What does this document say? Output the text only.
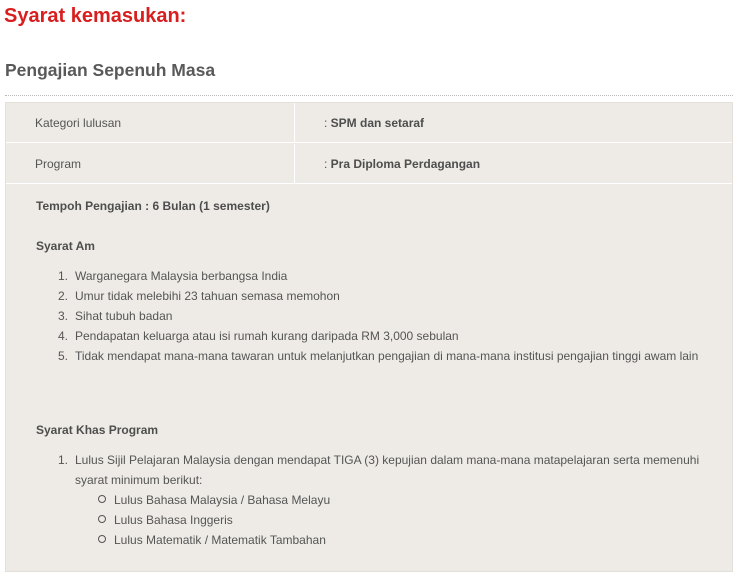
Syarat kemasukan:
Pengajian Sepenuh Masa
Kategori lulusan	: SPM dan setaraf
Program	: Pra Diploma Perdagangan
Tempoh Pengajian : 6 Bulan (1 semester)
Syarat Am
1. Warganegara Malaysia berbangsa India
2. Umur tidak melebihi 23 tahuan semasa memohon
3. Sihat tubuh badan
4. Pendapatan keluarga atau isi rumah kurang daripada RM 3,000 sebulan
5. Tidak mendapat mana-mana tawaran untuk melanjutkan pengajian di mana-mana institusi pengajian tinggi awam lain
Syarat Khas Program
1. Lulus Sijil Pelajaran Malaysia dengan mendapat TIGA (3) kepujian dalam mana-mana matapelajaran serta memenuhi
syarat minimum berikut:
Lulus Bahasa Malaysia / Bahasa Melayu
Lulus Bahasa Inggeris
Lulus Matematik / Matematik Tambahan
